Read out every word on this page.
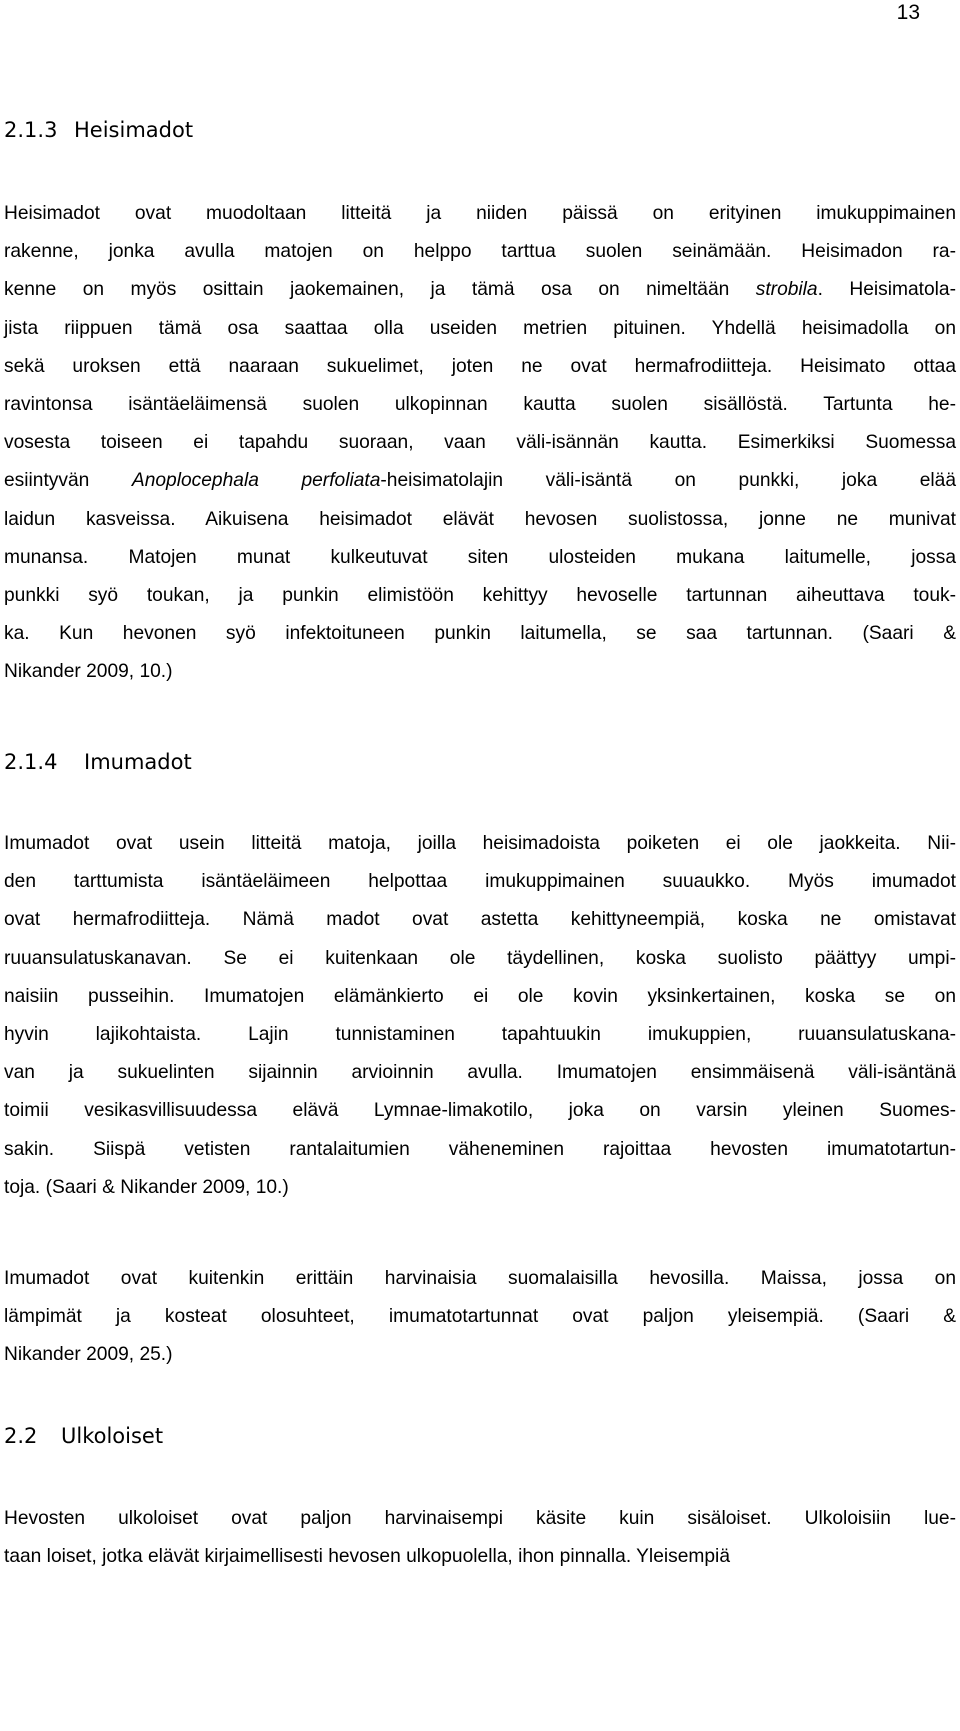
13
2.1.3 Heisimadot
Heisimadot ovat muodoltaan litteitä ja niiden päissä on erityinen imukuppimainen
rakenne, jonka avulla matojen on helppo tarttua suolen seinämään. Heisimadon ra-
kenne on myös osittain jaokemainen, ja tämä osa on nimeltään strobila. Heisimatola-
jista riippuen tämä osa saattaa olla useiden metrien pituinen. Yhdellä heisimadolla on
sekä uroksen että naaraan sukuelimet, joten ne ovat hermafrodiitteja. Heisimato ottaa
ravintonsa isäntäeläimensä suolen ulkopinnan kautta suolen sisällöstä. Tartunta he-
vosesta toiseen ei tapahdu suoraan, vaan väli-isännän kautta. Esimerkiksi Suomessa
esiintyvän Anoplocephala perfoliata-heisimatolajin väli-isäntä on punkki, joka elää
laidun kasveissa. Aikuisena heisimadot elävät hevosen suolistossa, jonne ne munivat
munansa. Matojen munat kulkeutuvat siten ulosteiden mukana laitumelle, jossa
punkki syö toukan, ja punkin elimistöön kehittyy hevoselle tartunnan aiheuttava touk-
ka. Kun hevonen syö infektoituneen punkin laitumella, se saa tartunnan. (Saari &
Nikander 2009, 10.)
2.1.4 Imumadot
Imumadot ovat usein litteitä matoja, joilla heisimadoista poiketen ei ole jaokkeita. Nii-
den tarttumista isäntäeläimeen helpottaa imukuppimainen suuaukko. Myös imumadot
ovat hermafrodiitteja. Nämä madot ovat astetta kehittyneempiä, koska ne omistavat
ruuansulatuskanavan. Se ei kuitenkaan ole täydellinen, koska suolisto päättyy umpi-
naisiin pusseihin. Imumatojen elämänkierto ei ole kovin yksinkertainen, koska se on
hyvin lajikohtaista. Lajin tunnistaminen tapahtuukin imukuppien, ruuansulatuskana-
van ja sukuelinten sijainnin arvioinnin avulla. Imumatojen ensimmäisenä väli-isäntänä
toimii vesikasvillisuudessa elävä Lymnae-limakotilo, joka on varsin yleinen Suomes-
sakin. Siispä vetisten rantalaitumien väheneminen rajoittaa hevosten imumatotartun-
toja. (Saari & Nikander 2009, 10.)
Imumadot ovat kuitenkin erittäin harvinaisia suomalaisilla hevosilla. Maissa, jossa on
lämpimät ja kosteat olosuhteet, imumatotartunnat ovat paljon yleisempiä. (Saari &
Nikander 2009, 25.)
2.2 Ulkoloiset
Hevosten ulkoloiset ovat paljon harvinaisempi käsite kuin sisäloiset. Ulkoloisiin lue-
taan loiset, jotka elävät kirjaimellisesti hevosen ulkopuolella, ihon pinnalla. Yleisempiä
